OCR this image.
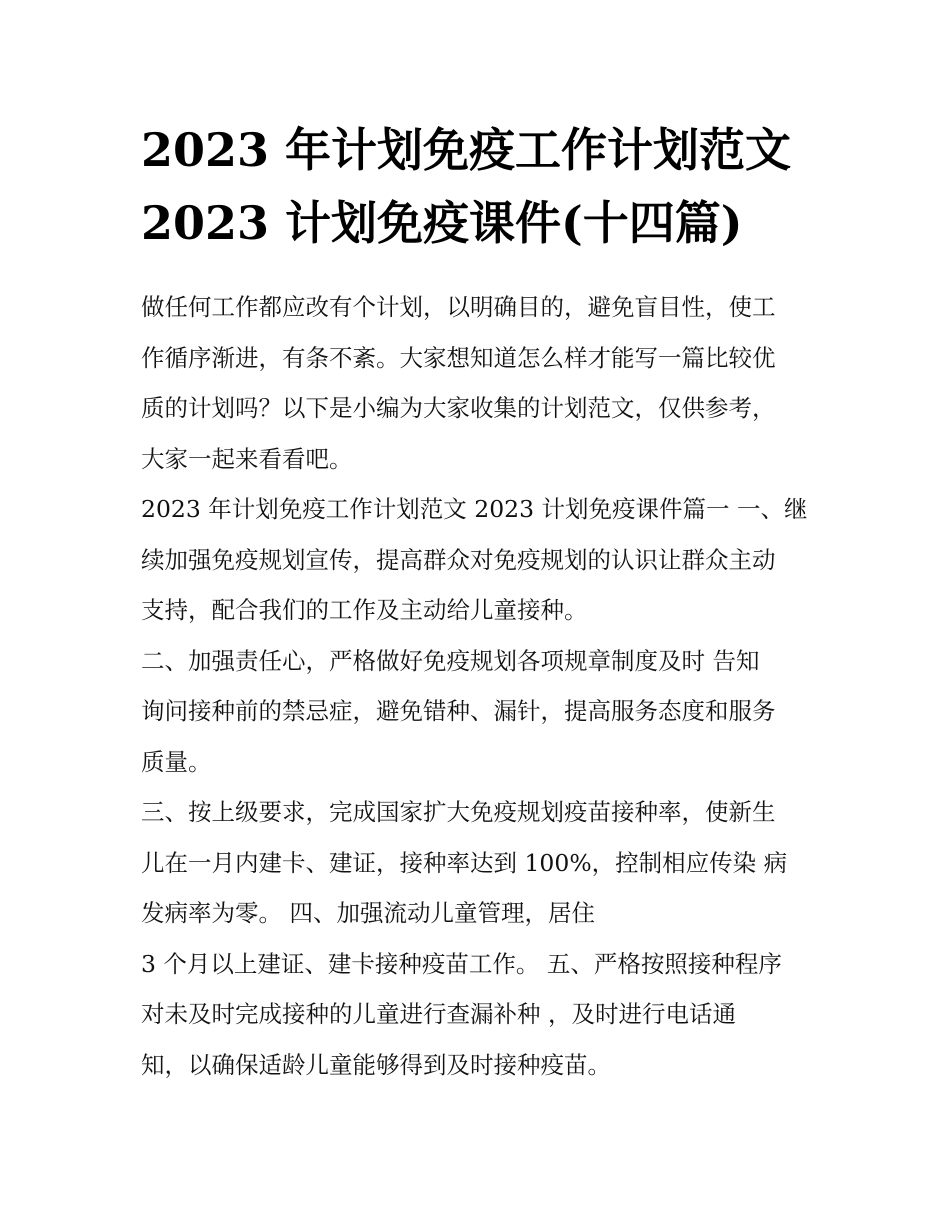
2023 年计划免疫工作计划范文
2023 计划免疫课件(十四篇)
做任何工作都应改有个计划，以明确目的，避免盲目性，使工
作循序渐进，有条不紊。大家想知道怎么样才能写一篇比较优
质的计划吗？以下是小编为大家收集的计划范文，仅供参考，
大家一起来看看吧。
2023 年计划免疫工作计划范文 2023 计划免疫课件篇一 一、继
续加强免疫规划宣传，提高群众对免疫规划的认识让群众主动
支持，配合我们的工作及主动给儿童接种。
二、加强责任心，严格做好免疫规划各项规章制度及时 告知
询问接种前的禁忌症，避免错种、漏针，提高服务态度和服务
质量。
三、按上级要求，完成国家扩大免疫规划疫苗接种率，使新生
儿在一月内建卡、建证，接种率达到 100%，控制相应传染 病
发病率为零。 四、加强流动儿童管理，居住
3 个月以上建证、建卡接种疫苗工作。 五、严格按照接种程序
对未及时完成接种的儿童进行查漏补种 ，及时进行电话通
知，以确保适龄儿童能够得到及时接种疫苗。
